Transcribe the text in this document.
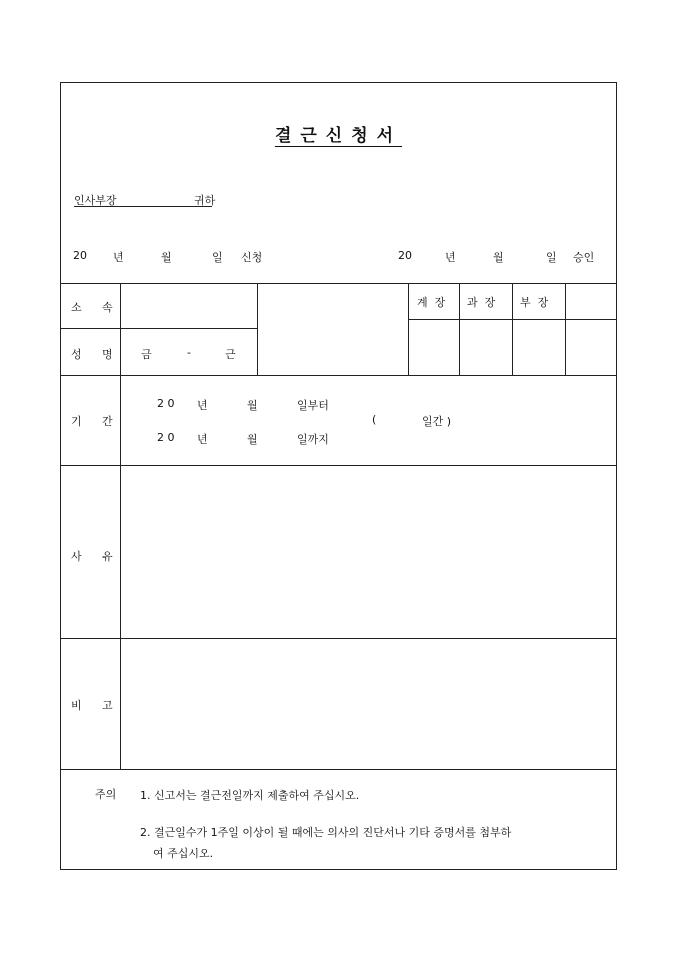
결근신청서
인사부장	귀하
20 년	월	일 신청	20	년	월	일 승인
소 속
성 명 금	-	근
계  장 과  장 부  장
기 간
2 0 년	월	일부터
2 0 년	월	일까지
(	일간 )
사 유
비 고
주의 1. 신고서는 결근전일까지 제출하여 주십시오.
2. 결근일수가 1주일 이상이 될 때에는 의사의 진단서나 기타 증명서를 첨부하
여 주십시오.
